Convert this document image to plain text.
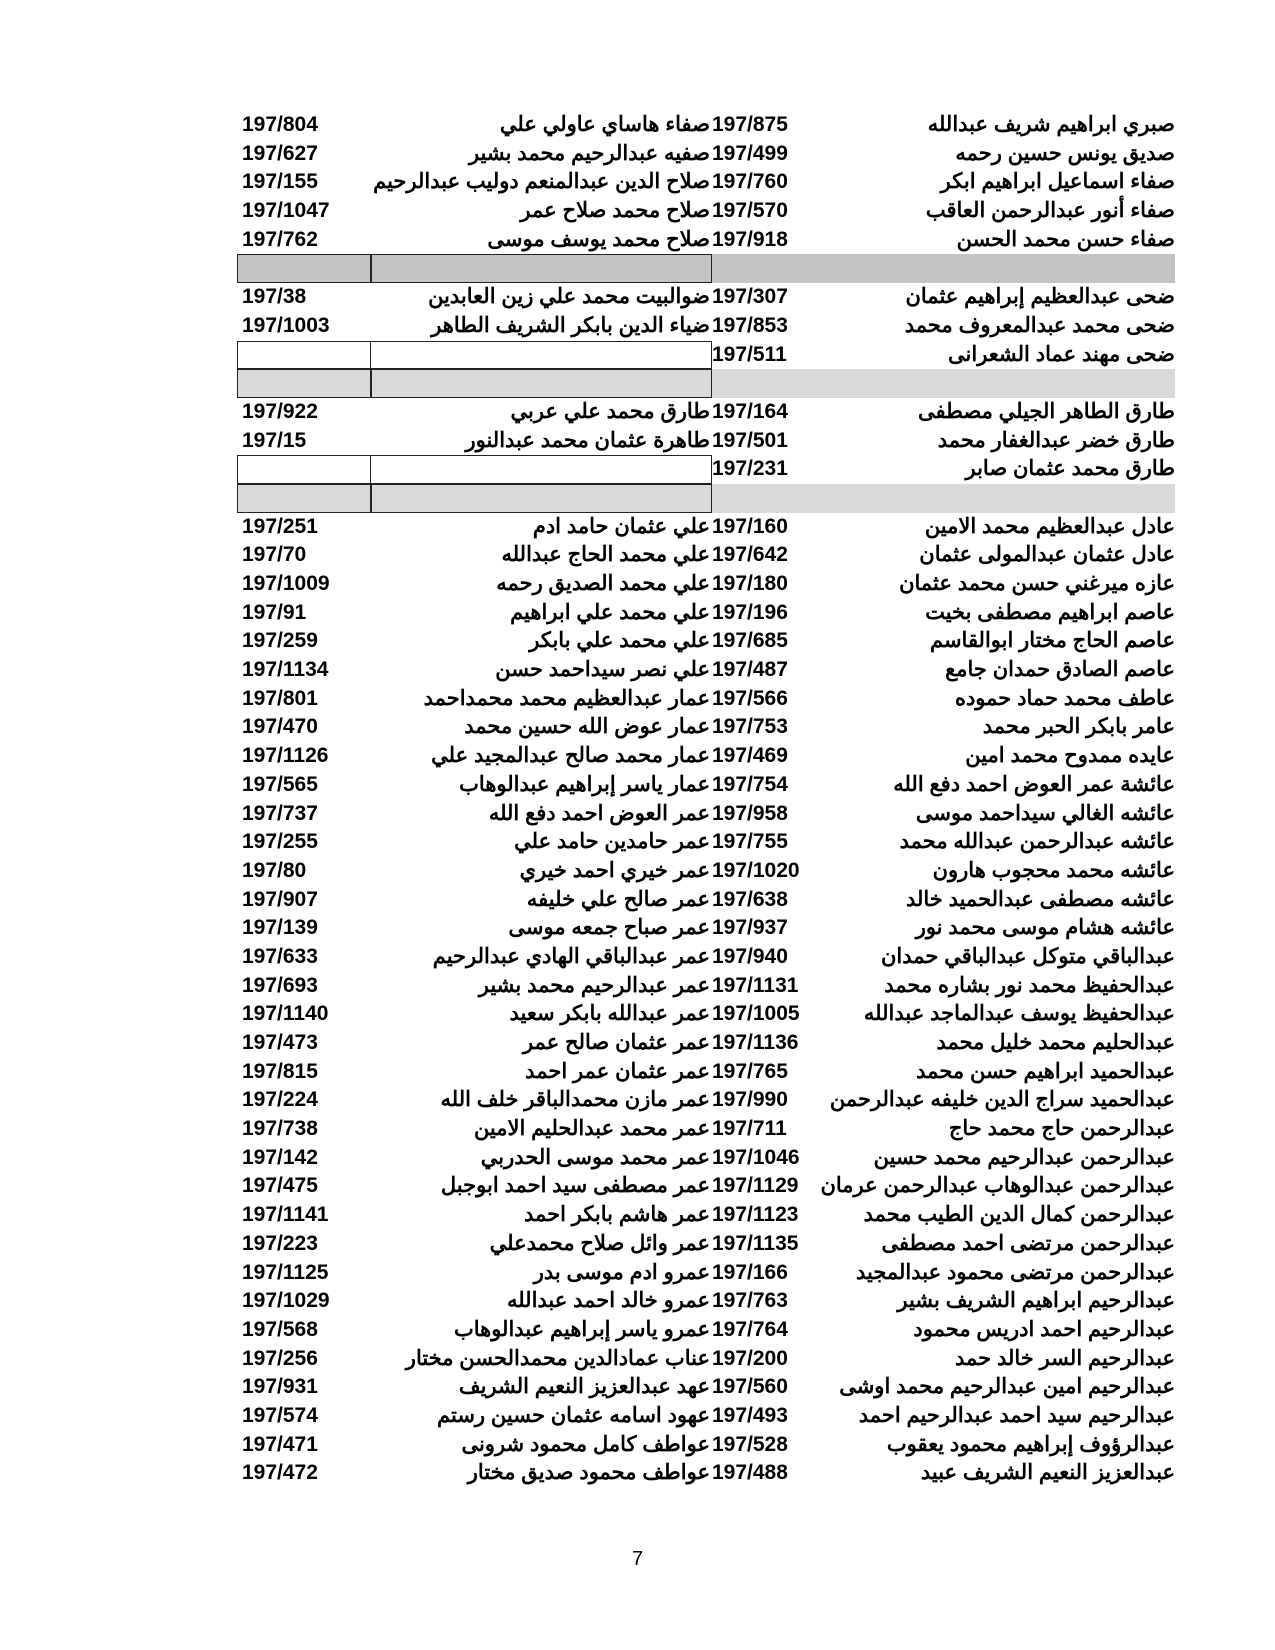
197/804	صفاء هاساي عاولي علي 197/875	صبري ابراهيم شريف عبدالله
197/627	صفيه عبدالرحيم محمد بشير 197/499	صديق يونس حسين رحمه
197/155	صلاح الدين عبدالمنعم دوليب عبدالرحيم 197/760	صفاء اسماعيل ابراهيم ابكر
197/1047	صلاح محمد صلاح عمر 197/570	صفاء أنور عبدالرحمن العاقب
197/762	صلاح محمد يوسف موسى 197/918	صفاء حسن محمد الحسن
197/38	ضوالبيت محمد علي زين العابدين 197/307	ضحى عبدالعظيم إبراهيم عثمان
197/1003	ضياء الدين بابكر الشريف الطاهر 197/853	ضحى محمد عبدالمعروف محمد
197/511	ضحى مهند عماد الشعرانى
197/922	طارق محمد علي عربي 197/164	طارق الطاهر الجيلي مصطفى
197/15	طاهرة عثمان محمد عبدالنور 197/501	طارق خضر عبدالغفار محمد
197/231	طارق محمد عثمان صابر
197/251	علي عثمان حامد ادم 197/160	عادل عبدالعظيم محمد الامين
197/70	علي محمد الحاج عبدالله 197/642	عادل عثمان عبدالمولى عثمان
197/1009	علي محمد الصديق رحمه 197/180	عازه ميرغني حسن محمد عثمان
197/91	علي محمد علي ابراهيم 197/196	عاصم ابراهيم مصطفى بخيت
197/259	علي محمد علي بابكر 197/685	عاصم الحاج مختار ابوالقاسم
197/1134	علي نصر سيداحمد حسن 197/487	عاصم الصادق حمدان جامع
197/801	عمار عبدالعظيم محمد محمداحمد 197/566	عاطف محمد حماد حموده
197/470	عمار عوض الله حسين محمد 197/753	عامر بابكر الحبر محمد
197/1126	عمار محمد صالح عبدالمجيد علي 197/469	عايده ممدوح محمد امين
197/565	عمار ياسر إبراهيم عبدالوهاب 197/754	عائشة عمر العوض احمد دفع الله
197/737	عمر العوض احمد دفع الله 197/958	عائشه الغالي سيداحمد موسى
197/255	عمر حامدين حامد علي 197/755	عائشه عبدالرحمن عبدالله محمد
197/80	عمر خيري احمد خيري 197/1020	عائشه محمد محجوب هارون
197/907	عمر صالح علي خليفه 197/638	عائشه مصطفى عبدالحميد خالد
197/139	عمر صباح جمعه موسى 197/937	عائشه هشام موسى محمد نور
197/633	عمر عبدالباقي الهادي عبدالرحيم 197/940	عبدالباقي متوكل عبدالباقي حمدان
197/693	عمر عبدالرحيم محمد بشير 197/1131	عبدالحفيظ محمد نور بشاره محمد
197/1140	عمر عبدالله بابكر سعيد 197/1005	عبدالحفيظ يوسف عبدالماجد عبدالله
197/473	عمر عثمان صالح عمر 197/1136	عبدالحليم محمد خليل محمد
197/815	عمر عثمان عمر احمد 197/765	عبدالحميد ابراهيم حسن محمد
197/224	عمر مازن محمدالباقر خلف الله 197/990	عبدالحميد سراج الدين خليفه عبدالرحمن
197/738	عمر محمد عبدالحليم الامين 197/711	عبدالرحمن حاج محمد حاج
197/142	عمر محمد موسى الحدربي 197/1046	عبدالرحمن عبدالرحيم محمد حسين
197/475	عمر مصطفى سيد احمد ابوجبل 197/1129	عبدالرحمن عبدالوهاب عبدالرحمن عرمان
197/1141	عمر هاشم بابكر احمد 197/1123	عبدالرحمن كمال الدين الطيب محمد
197/223	عمر وائل صلاح محمدعلي 197/1135	عبدالرحمن مرتضى احمد مصطفى
197/1125	عمرو ادم موسى بدر 197/166	عبدالرحمن مرتضى محمود عبدالمجيد
197/1029	عمرو خالد احمد عبدالله 197/763	عبدالرحيم ابراهيم الشريف بشير
197/568	عمرو ياسر إبراهيم عبدالوهاب 197/764	عبدالرحيم احمد ادريس محمود
197/256	عناب عمادالدين محمدالحسن مختار 197/200	عبدالرحيم السر خالد حمد
197/931	عهد عبدالعزيز النعيم الشريف 197/560	عبدالرحيم امين عبدالرحيم محمد اوشى
197/574	عهود اسامه عثمان حسين رستم 197/493	عبدالرحيم سيد احمد عبدالرحيم احمد
197/471	عواطف كامل محمود شرونى 197/528	عبدالرؤوف إبراهيم محمود يعقوب
197/472	عواطف محمود صديق مختار 197/488	عبدالعزيز النعيم الشريف عبيد
7
